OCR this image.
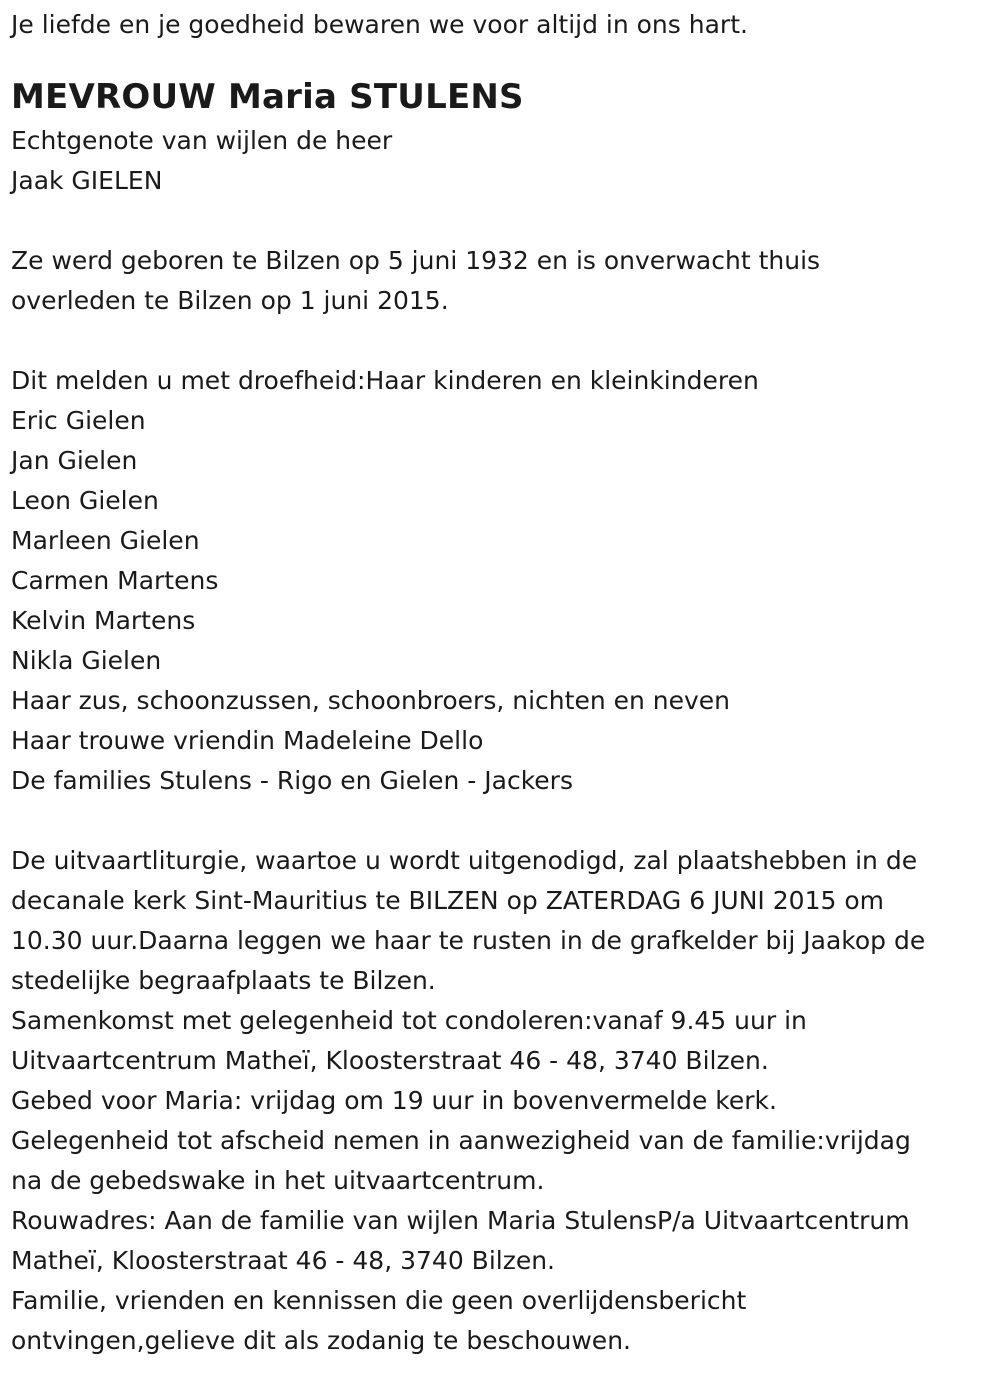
Je liefde en je goedheid bewaren we voor altijd in ons hart.

MEVROUW Maria STULENS

Echtgenote van wijlen de heer

Jaak GIELEN

Ze werd geboren te Bilzen op 5 juni 1932 en is onverwacht thuis

overleden te Bilzen op 1 juni 2015.

Dit melden u met droefheid:Haar kinderen en kleinkinderen

Eric Gielen

Jan Gielen

Leon Gielen

Marleen Gielen

Carmen Martens

Kelvin Martens

Nikla Gielen

Haar zus, schoonzussen, schoonbroers, nichten en neven

Haar trouwe vriendin Madeleine Dello

De families Stulens - Rigo en Gielen - Jackers

De uitvaartliturgie, waartoe u wordt uitgenodigd, zal plaatshebben in de

decanale kerk Sint-Mauritius te BILZEN op ZATERDAG 6 JUNI 2015 om

10.30 uur.Daarna leggen we haar te rusten in de grafkelder bij Jaakop de

stedelijke begraafplaats te Bilzen.

Samenkomst met gelegenheid tot condoleren:vanaf 9.45 uur in

Uitvaartcentrum Matheï, Kloosterstraat 46 - 48, 3740 Bilzen.

Gebed voor Maria: vrijdag om 19 uur in bovenvermelde kerk.

Gelegenheid tot afscheid nemen in aanwezigheid van de familie:vrijdag

na de gebedswake in het uitvaartcentrum.

Rouwadres: Aan de familie van wijlen Maria StulensP/a Uitvaartcentrum

Matheï, Kloosterstraat 46 - 48, 3740 Bilzen.

Familie, vrienden en kennissen die geen overlijdensbericht

ontvingen,gelieve dit als zodanig te beschouwen.
